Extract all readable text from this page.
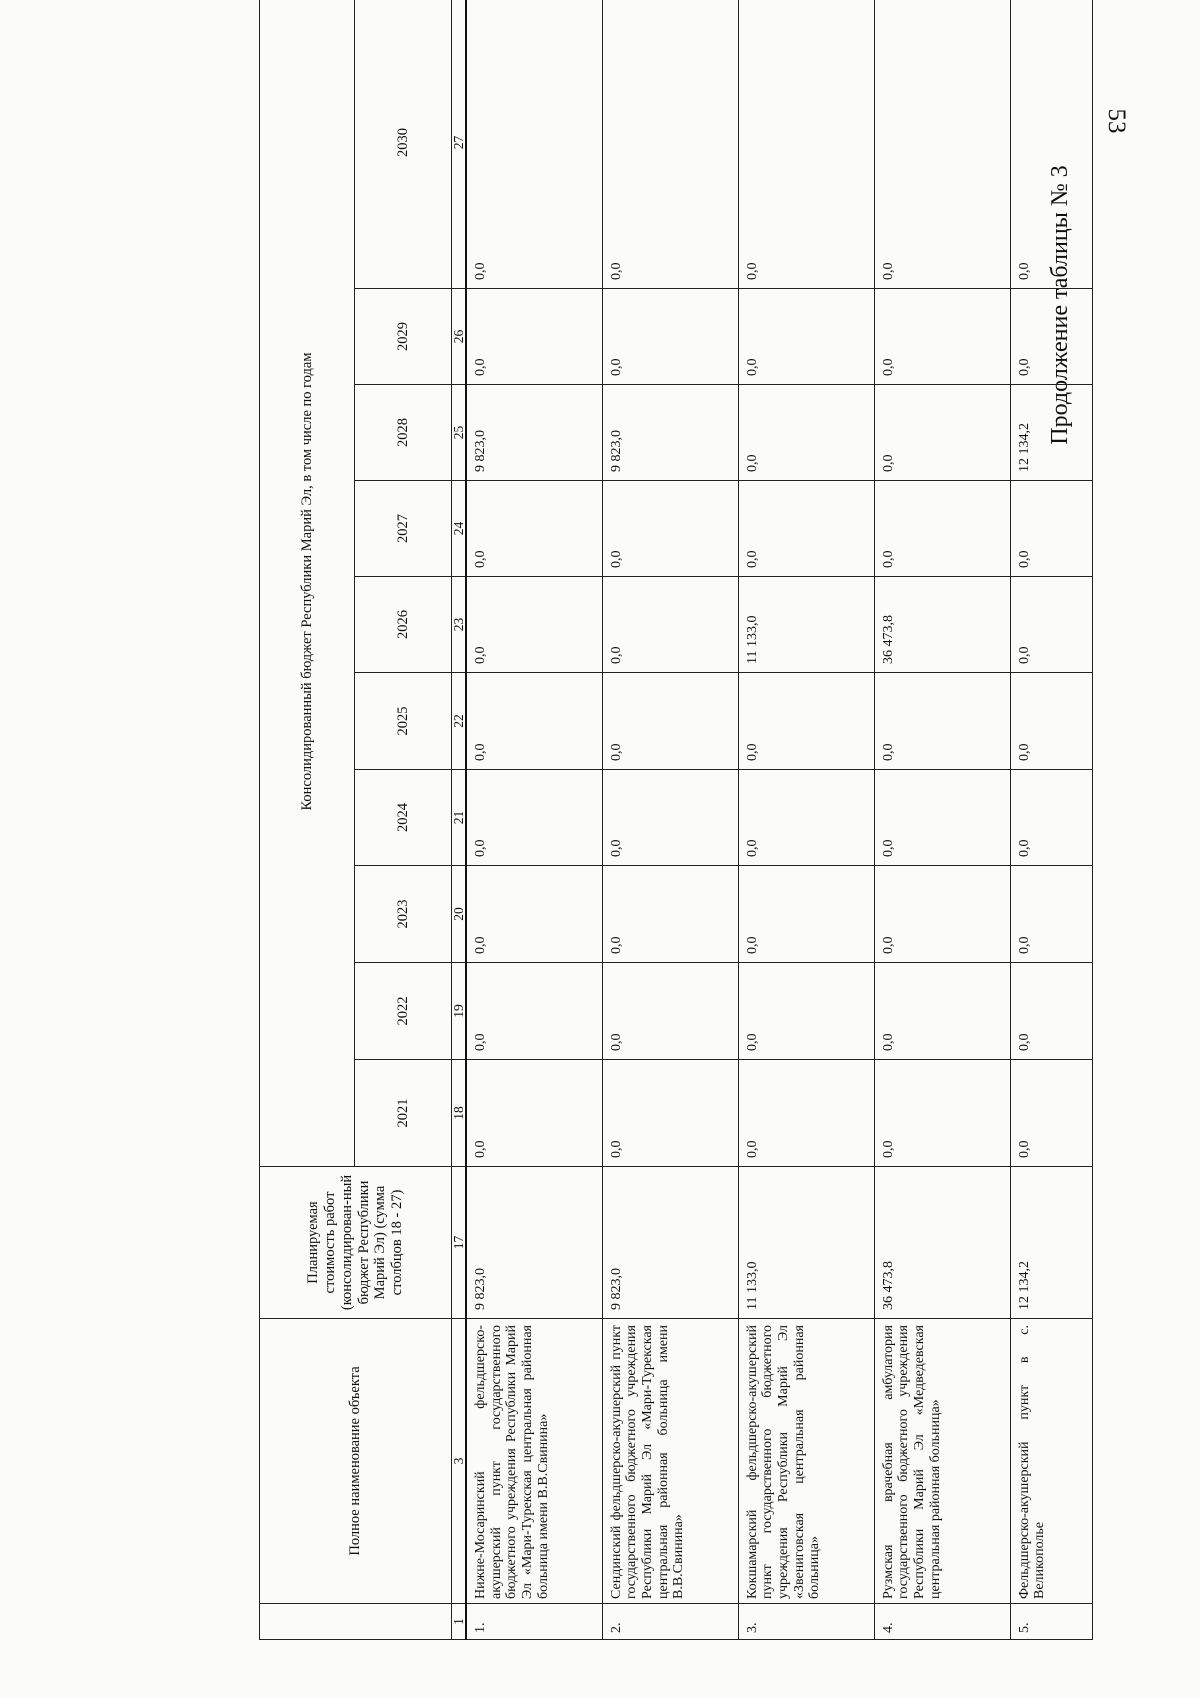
53
Продолжение таблицы № 3
	Полное наименование объекта	Планируемая стоимость работ (консолидирован-ный бюджет Республики Марий Эл) (сумма столбцов 18 - 27)	Консолидированный бюджет Республики Марий Эл, в том числе по годам									
			2021	2022	2023	2024	2025	2026	2027	2028	2029	2030
1	3	17	18	19	20	21	22	23	24	25	26	27
1.	Нижне-Мосаринский фельдшерско-акушерский пункт государственного бюджетного учреждения Республики Марий Эл «Мари-Турекская центральная районная больница имени В.В.Свинина»	9 823,0	0,0	0,0	0,0	0,0	0,0	0,0	0,0	9 823,0	0,0	0,0
2.	Сендинский фельдшерско-акушерский пункт государственного бюджетного учреждения Республики Марий Эл «Мари-Турекская центральная районная больница имени В.В.Свинина»	9 823,0	0,0	0,0	0,0	0,0	0,0	0,0	0,0	9 823,0	0,0	0,0
3.	Кокшамарский фельдшерско-акушерский пункт государственного бюджетного учреждения Республики Марий Эл «Звениговская центральная районная больница»	11 133,0	0,0	0,0	0,0	0,0	0,0	11 133,0	0,0	0,0	0,0	0,0
4.	Рузмская врачебная амбулатория государственного бюджетного учреждения Республики Марий Эл «Медведевская центральная районная больница»	36 473,8	0,0	0,0	0,0	0,0	0,0	36 473,8	0,0	0,0	0,0	0,0
5.	Фельдшерско-акушерский пункт в с. Великополье	12 134,2	0,0	0,0	0,0	0,0	0,0	0,0	0,0	12 134,2	0,0	0,0
